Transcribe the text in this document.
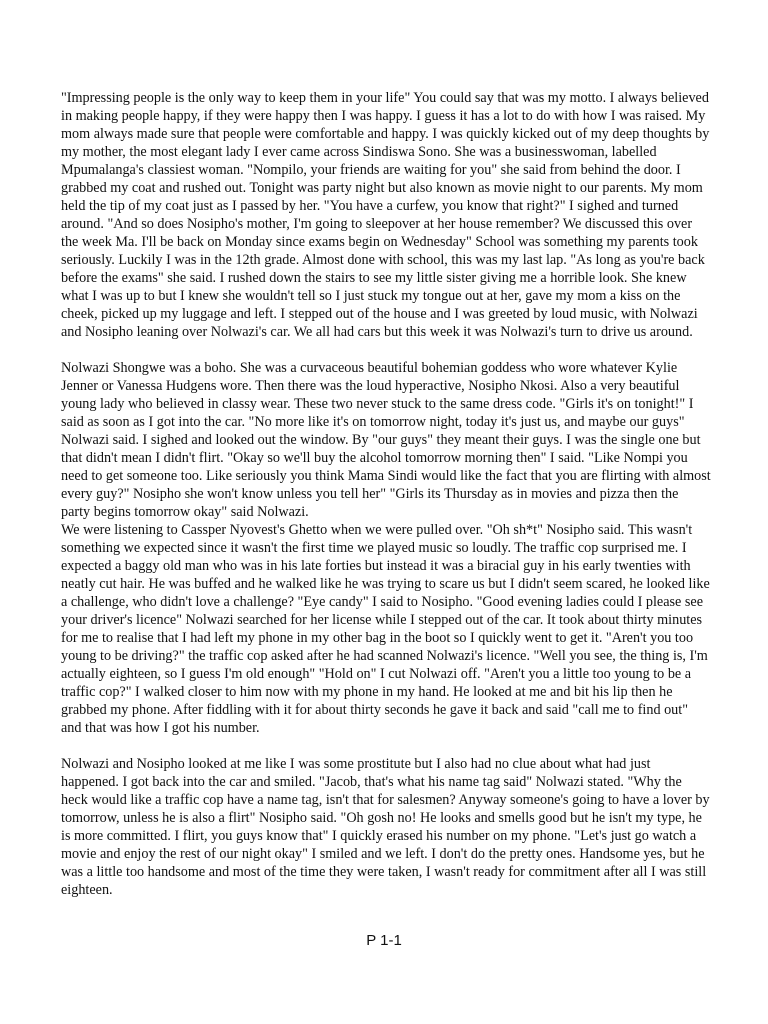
"Impressing people is the only way to keep them in your life" You could say that was my motto. I always believed in making people happy, if they were happy then I was happy. I guess it has a lot to do with how I was raised. My mom always made sure that people were comfortable and happy. I was quickly kicked out of my deep thoughts by my mother, the most elegant lady I ever came across Sindiswa Sono. She was a businesswoman, labelled Mpumalanga's classiest woman. "Nompilo, your friends are waiting for you" she said from behind the door. I grabbed my coat and rushed out. Tonight was party night but also known as movie night to our parents. My mom held the tip of my coat just as I passed by her. "You have a curfew, you know that right?" I sighed and turned around. "And so does Nosipho's mother, I'm going to sleepover at her house remember? We discussed this over the week Ma. I'll be back on Monday since exams begin on Wednesday" School was something my parents took seriously. Luckily I was in the 12th grade. Almost done with school, this was my last lap. "As long as you're back before the exams" she said. I rushed down the stairs to see my little sister giving me a horrible look. She knew what I was up to but I knew she wouldn't tell so I just stuck my tongue out at her, gave my mom a kiss on the cheek, picked up my luggage and left. I stepped out of the house and I was greeted by loud music, with Nolwazi and Nosipho leaning over Nolwazi's car. We all had cars but this week it was Nolwazi's turn to drive us around.

Nolwazi Shongwe was a boho. She was a curvaceous beautiful bohemian goddess who wore whatever Kylie Jenner or Vanessa Hudgens wore. Then there was the loud hyperactive, Nosipho Nkosi. Also a very beautiful young lady who believed in classy wear. These two never stuck to the same dress code. "Girls it's on tonight!" I said as soon as I got into the car. "No more like it's on tomorrow night, today it's just us, and maybe our guys" Nolwazi said. I sighed and looked out the window. By "our guys" they meant their guys. I was the single one but that didn't mean I didn't flirt. "Okay so we'll buy the alcohol tomorrow morning then" I said. "Like Nompi you need to get someone too. Like seriously you think Mama Sindi would like the fact that you are flirting with almost every guy?" Nosipho she won't know unless you tell her" "Girls its Thursday as in movies and pizza then the party begins tomorrow okay" said Nolwazi.

We were listening to Cassper Nyovest's Ghetto when we were pulled over. "Oh sh*t" Nosipho said. This wasn't something we expected since it wasn't the first time we played music so loudly. The traffic cop surprised me. I expected a baggy old man who was in his late forties but instead it was a biracial guy in his early twenties with neatly cut hair. He was buffed and he walked like he was trying to scare us but I didn't seem scared, he looked like a challenge, who didn't love a challenge? "Eye candy" I said to Nosipho. "Good evening ladies could I please see your driver's licence" Nolwazi searched for her license while I stepped out of the car. It took about thirty minutes for me to realise that I had left my phone in my other bag in the boot so I quickly went to get it. "Aren't you too young to be driving?" the traffic cop asked after he had scanned Nolwazi's licence. "Well you see, the thing is, I'm actually eighteen, so I guess I'm old enough" "Hold on" I cut Nolwazi off. "Aren't you a little too young to be a traffic cop?" I walked closer to him now with my phone in my hand. He looked at me and bit his lip then he grabbed my phone. After fiddling with it for about thirty seconds he gave it back and said "call me to find out" and that was how I got his number.

Nolwazi and Nosipho looked at me like I was some prostitute but I also had no clue about what had just happened. I got back into the car and smiled. "Jacob, that's what his name tag said" Nolwazi stated. "Why the heck would like a traffic cop have a name tag, isn't that for salesmen? Anyway someone's going to have a lover by tomorrow, unless he is also a flirt" Nosipho said. "Oh gosh no! He looks and smells good but he isn't my type, he is more committed. I flirt, you guys know that" I quickly erased his number on my phone. "Let's just go watch a movie and enjoy the rest of our night okay" I smiled and we left. I don't do the pretty ones. Handsome yes, but he was a little too handsome and most of the time they were taken, I wasn't ready for commitment after all I was still eighteen.

P 1-1
